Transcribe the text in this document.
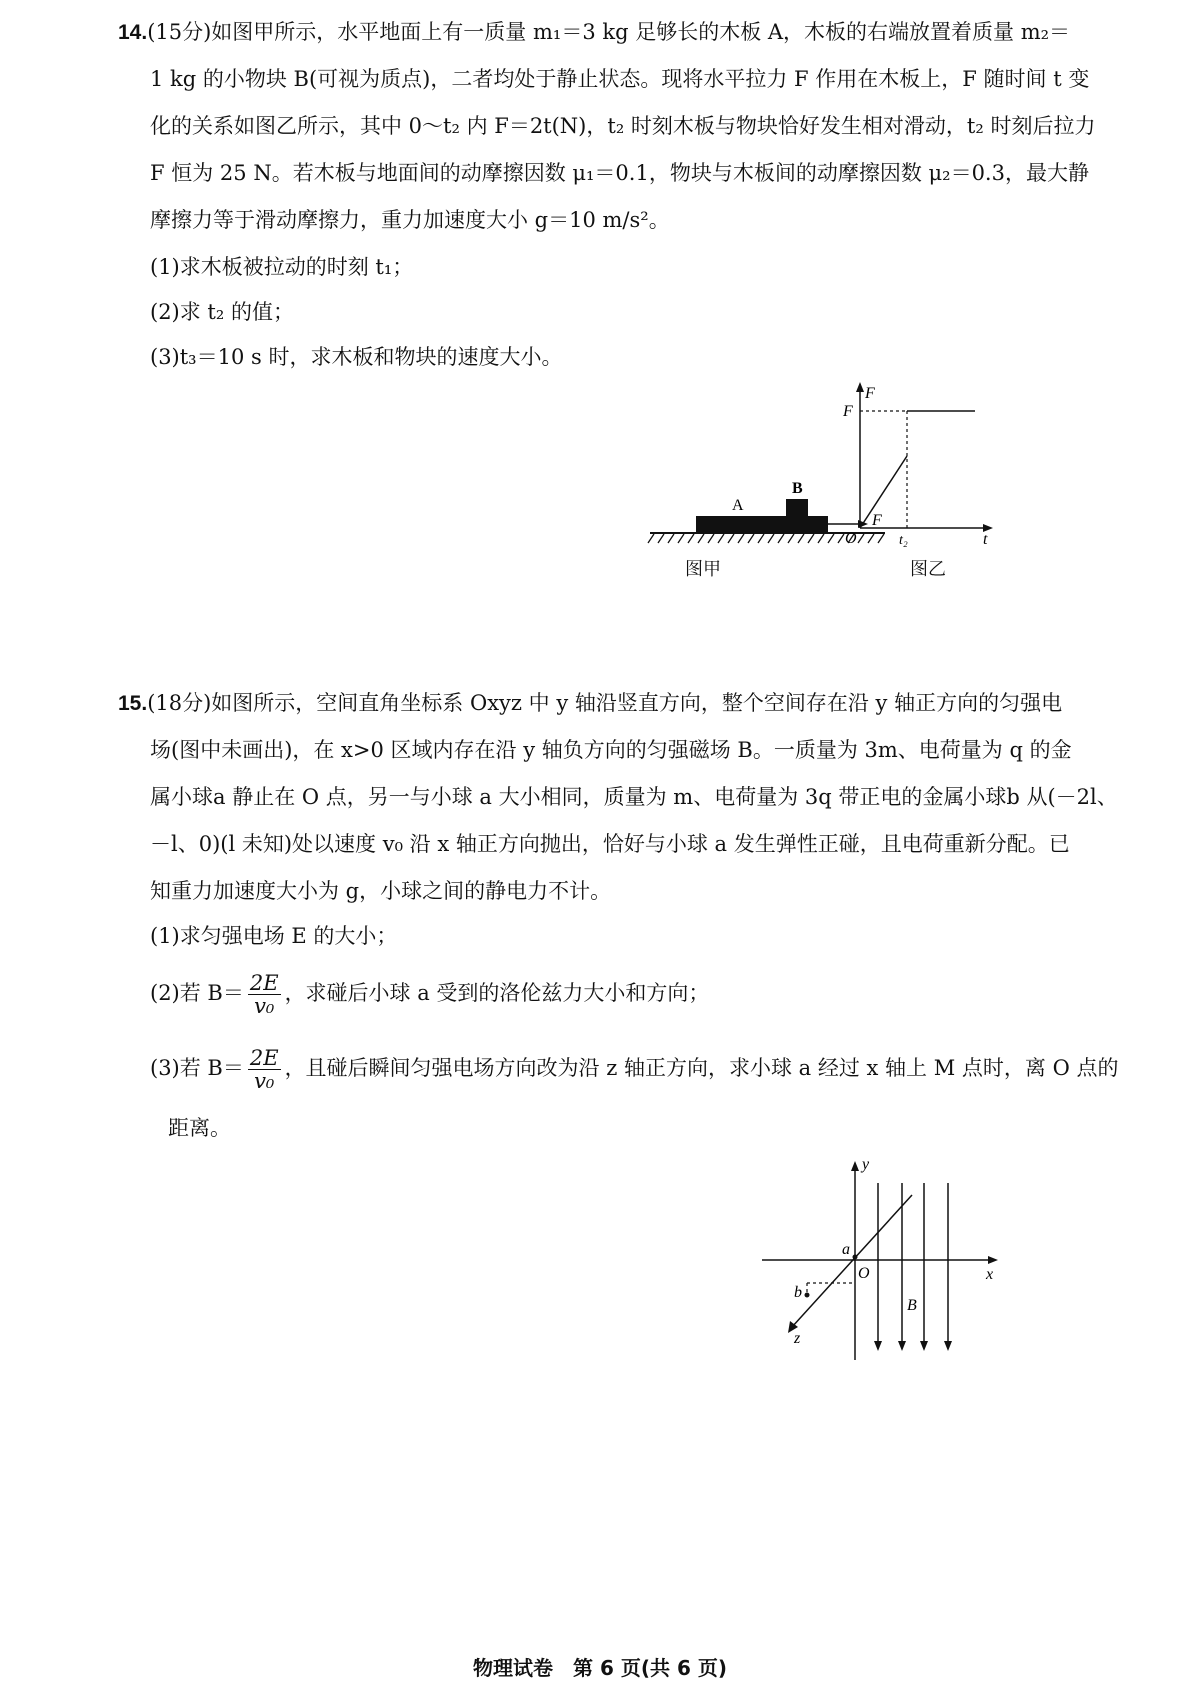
14.(15分)如图甲所示，水平地面上有一质量 m₁＝3 kg 足够长的木板 A，木板的右端放置着质量 m₂＝
1 kg 的小物块 B(可视为质点)，二者均处于静止状态。现将水平拉力 F 作用在木板上，F 随时间 t 变
化的关系如图乙所示，其中 0～t₂ 内 F＝2t(N)，t₂ 时刻木板与物块恰好发生相对滑动，t₂ 时刻后拉力
F 恒为 25 N。若木板与地面间的动摩擦因数 μ₁＝0.1，物块与木板间的动摩擦因数 μ₂＝0.3，最大静
摩擦力等于滑动摩擦力，重力加速度大小 g＝10 m/s²。
(1)求木板被拉动的时刻 t₁；
(2)求 t₂ 的值；
(3)t₃＝10 s 时，求木板和物块的速度大小。
A
B
F
图甲
F
F
O	t₂	t
图乙
15.(18分)如图所示，空间直角坐标系 Oxyz 中 y 轴沿竖直方向，整个空间存在沿 y 轴正方向的匀强电
场(图中未画出)，在 x>0 区域内存在沿 y 轴负方向的匀强磁场 B。一质量为 3m、电荷量为 q 的金
属小球a 静止在 O 点，另一与小球 a 大小相同，质量为 m、电荷量为 3q 带正电的金属小球b 从(－2l、
－l、0)(l 未知)处以速度 v₀ 沿 x 轴正方向抛出，恰好与小球 a 发生弹性正碰，且电荷重新分配。已
知重力加速度大小为 g，小球之间的静电力不计。
(1)求匀强电场 E 的大小；
(2)若 $B= \frac{2E}{\text{v₀}}$ ，求碰后小球 a 受到的洛伦兹力大小和方向；
(3)若 $B= \frac{2E}{\text{v₀}}$ ，且碰后瞬间匀强电场方向改为沿 z 轴正方向，求小球 a 经过 x 轴上 M 点时，离 O 点的
距离。
y
x
z
O
a
b
B
物理试卷　第 6 页(共 6 页)
